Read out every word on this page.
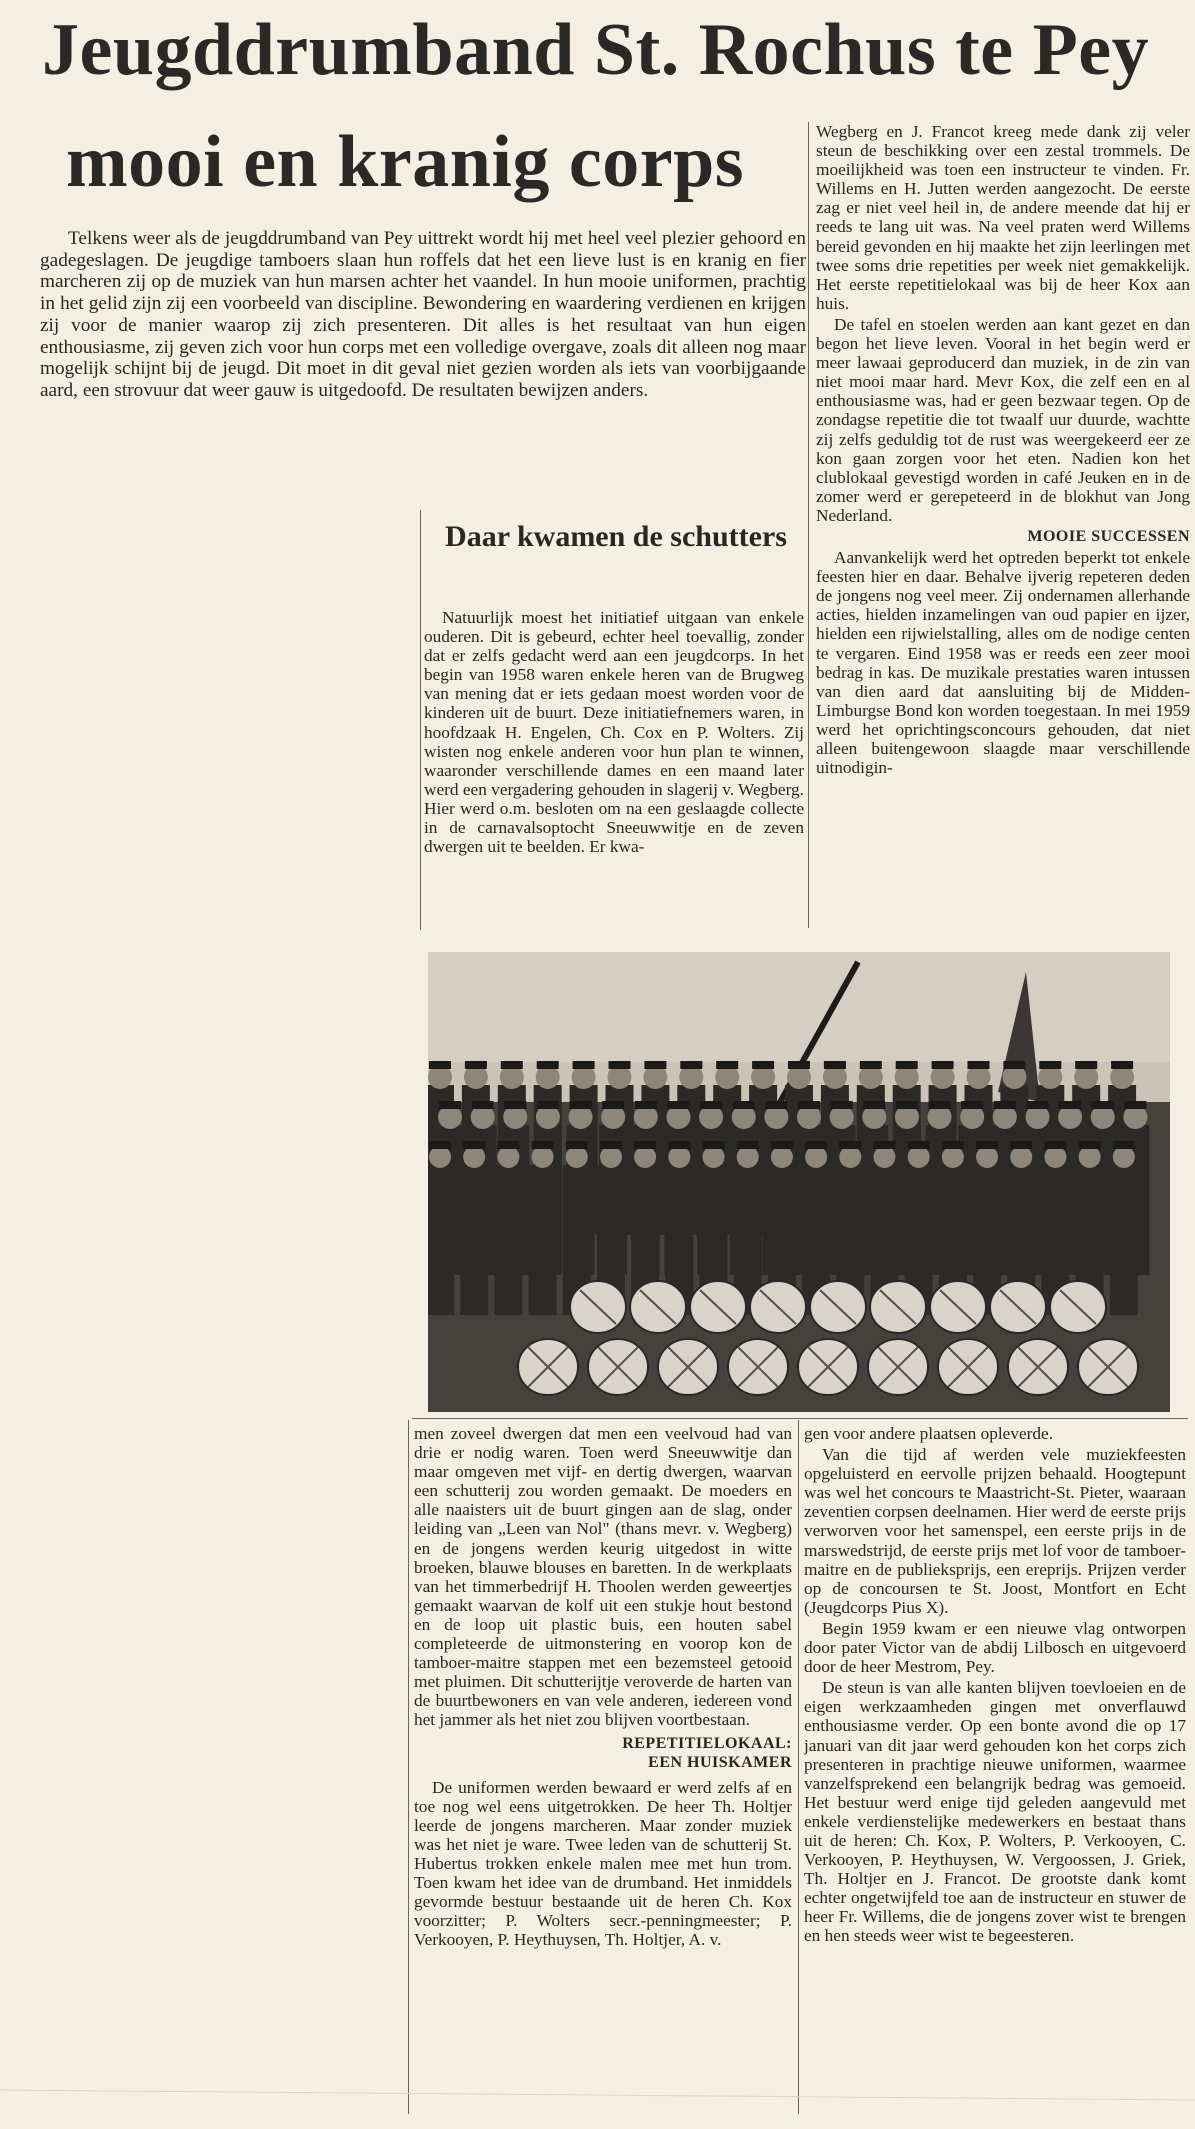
Jeugddrumband St. Rochus te Pey
mooi en kranig corps

Telkens weer als de jeugddrumband van Pey uittrekt wordt hij met heel veel plezier gehoord en gadegeslagen. De jeugdige tamboers slaan hun roffels dat het een lieve lust is en kranig en fier marcheren zij op de muziek van hun marsen achter het vaandel. In hun mooie uniformen, prachtig in het gelid zijn zij een voorbeeld van discipline. Bewondering en waardering verdienen en krijgen zij voor de manier waarop zij zich presenteren. Dit alles is het resultaat van hun eigen enthousiasme, zij geven zich voor hun corps met een volledige overgave, zoals dit alleen nog maar mogelijk schijnt bij de jeugd. Dit moet in dit geval niet gezien worden als iets van voorbijgaande aard, een strovuur dat weer gauw is uitgedoofd. De resultaten bewijzen anders.

Daar kwamen de schutters

Natuurlijk moest het initiatief uitgaan van enkele ouderen. Dit is gebeurd, echter heel toevallig, zonder dat er zelfs gedacht werd aan een jeugdcorps. In het begin van 1958 waren enkele heren van de Brugweg van mening dat er iets gedaan moest worden voor de kinderen uit de buurt. Deze initiatiefnemers waren, in hoofdzaak H. Engelen, Ch. Cox en P. Wolters. Zij wisten nog enkele anderen voor hun plan te winnen, waaronder verschillende dames en een maand later werd een vergadering gehouden in slagerij v. Wegberg. Hier werd o.m. besloten om na een geslaagde collecte in de carnavalsoptocht Sneeuwwitje en de zeven dwergen uit te beelden. Er kwa-

Wegberg en J. Francot kreeg mede dank zij veler steun de beschikking over een zestal trommels. De moeilijkheid was toen een instructeur te vinden. Fr. Willems en H. Jutten werden aangezocht. De eerste zag er niet veel heil in, de andere meende dat hij er reeds te lang uit was. Na veel praten werd Willems bereid gevonden en hij maakte het zijn leerlingen met twee soms drie repetities per week niet gemakkelijk. Het eerste repetitielokaal was bij de heer Kox aan huis.

De tafel en stoelen werden aan kant gezet en dan begon het lieve leven. Vooral in het begin werd er meer lawaai geproducerd dan muziek, in de zin van niet mooi maar hard. Mevr Kox, die zelf een en al enthousiasme was, had er geen bezwaar tegen. Op de zondagse repetitie die tot twaalf uur duurde, wachtte zij zelfs geduldig tot de rust was weergekeerd eer ze kon gaan zorgen voor het eten. Nadien kon het clublokaal gevestigd worden in café Jeuken en in de zomer werd er gerepeteerd in de blokhut van Jong Nederland.

MOOIE SUCCESSEN

Aanvankelijk werd het optreden beperkt tot enkele feesten hier en daar. Behalve ijverig repeteren deden de jongens nog veel meer. Zij ondernamen allerhande acties, hielden inzamelingen van oud papier en ijzer, hielden een rijwielstalling, alles om de nodige centen te vergaren. Eind 1958 was er reeds een zeer mooi bedrag in kas. De muzikale prestaties waren intussen van dien aard dat aansluiting bij de Midden-Limburgse Bond kon worden toegestaan. In mei 1959 werd het oprichtingsconcours gehouden, dat niet alleen buitengewoon slaagde maar verschillende uitnodigin-

men zoveel dwergen dat men een veelvoud had van drie er nodig waren. Toen werd Sneeuwwitje dan maar omgeven met vijf- en dertig dwergen, waarvan een schutterij zou worden gemaakt. De moeders en alle naaisters uit de buurt gingen aan de slag, onder leiding van „Leen van Nol" (thans mevr. v. Wegberg) en de jongens werden keurig uitgedost in witte broeken, blauwe blouses en baretten. In de werkplaats van het timmerbedrijf H. Thoolen werden geweertjes gemaakt waarvan de kolf uit een stukje hout bestond en de loop uit plastic buis, een houten sabel completeerde de uitmonstering en voorop kon de tamboer-maitre stappen met een bezemsteel getooid met pluimen. Dit schutterijtje veroverde de harten van de buurtbewoners en van vele anderen, iedereen vond het jammer als het niet zou blijven voortbestaan.

REPETITIELOKAAL:
EEN HUISKAMER

De uniformen werden bewaard er werd zelfs af en toe nog wel eens uitgetrokken. De heer Th. Holtjer leerde de jongens marcheren. Maar zonder muziek was het niet je ware. Twee leden van de schutterij St. Hubertus trokken enkele malen mee met hun trom. Toen kwam het idee van de drumband. Het inmiddels gevormde bestuur bestaande uit de heren Ch. Kox voorzitter; P. Wolters secr.-penningmeester; P. Verkooyen, P. Heythuysen, Th. Holtjer, A. v.

gen voor andere plaatsen opleverde.

Van die tijd af werden vele muziekfeesten opgeluisterd en eervolle prijzen behaald. Hoogtepunt was wel het concours te Maastricht-St. Pieter, waaraan zeventien corpsen deelnamen. Hier werd de eerste prijs verworven voor het samenspel, een eerste prijs in de marswedstrijd, de eerste prijs met lof voor de tamboer-maitre en de publieksprijs, een ereprijs. Prijzen verder op de concoursen te St. Joost, Montfort en Echt (Jeugdcorps Pius X).

Begin 1959 kwam er een nieuwe vlag ontworpen door pater Victor van de abdij Lilbosch en uitgevoerd door de heer Mestrom, Pey.

De steun is van alle kanten blijven toevloeien en de eigen werkzaamheden gingen met onverflauwd enthousiasme verder. Op een bonte avond die op 17 januari van dit jaar werd gehouden kon het corps zich presenteren in prachtige nieuwe uniformen, waarmee vanzelfsprekend een belangrijk bedrag was gemoeid. Het bestuur werd enige tijd geleden aangevuld met enkele verdienstelijke medewerkers en bestaat thans uit de heren: Ch. Kox, P. Wolters, P. Verkooyen, C. Verkooyen, P. Heythuysen, W. Vergoossen, J. Griek, Th. Holtjer en J. Francot. De grootste dank komt echter ongetwijfeld toe aan de instructeur en stuwer de heer Fr. Willems, die de jongens zover wist te brengen en hen steeds weer wist te begeesteren.
